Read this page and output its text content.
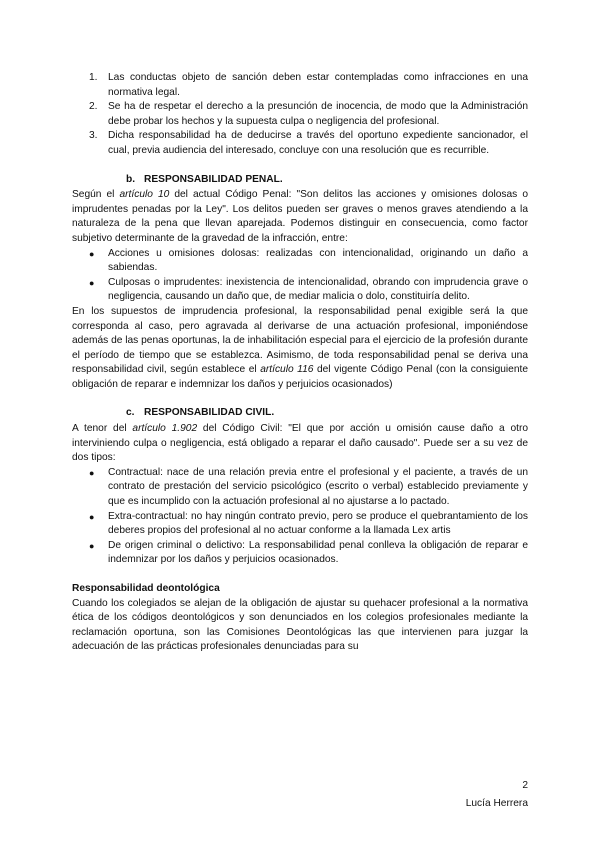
1. Las conductas objeto de sanción deben estar contempladas como infracciones en una normativa legal.
2. Se ha de respetar el derecho a la presunción de inocencia, de modo que la Administración debe probar los hechos y la supuesta culpa o negligencia del profesional.
3. Dicha responsabilidad ha de deducirse a través del oportuno expediente sancionador, el cual, previa audiencia del interesado, concluye con una resolución que es recurrible.
b. RESPONSABILIDAD PENAL.

Según el artículo 10 del actual Código Penal: "Son delitos las acciones y omisiones dolosas o imprudentes penadas por la Ley". Los delitos pueden ser graves o menos graves atendiendo a la naturaleza de la pena que llevan aparejada. Podemos distinguir en consecuencia, como factor subjetivo determinante de la gravedad de la infracción, entre:

● Acciones u omisiones dolosas: realizadas con intencionalidad, originando un daño a sabiendas.
● Culposas o imprudentes: inexistencia de intencionalidad, obrando con imprudencia grave o negligencia, causando un daño que, de mediar malicia o dolo, constituiría delito.

En los supuestos de imprudencia profesional, la responsabilidad penal exigible será la que corresponda al caso, pero agravada al derivarse de una actuación profesional, imponiéndose además de las penas oportunas, la de inhabilitación especial para el ejercicio de la profesión durante el período de tiempo que se establezca. Asimismo, de toda responsabilidad penal se deriva una responsabilidad civil, según establece el artículo 116 del vigente Código Penal (con la consiguiente obligación de reparar e indemnizar los daños y perjuicios ocasionados)

c. RESPONSABILIDAD CIVIL.

A tenor del artículo 1.902 del Código Civil: "El que por acción u omisión cause daño a otro interviniendo culpa o negligencia, está obligado a reparar el daño causado". Puede ser a su vez de dos tipos:

● Contractual: nace de una relación previa entre el profesional y el paciente, a través de un contrato de prestación del servicio psicológico (escrito o verbal) establecido previamente y que es incumplido con la actuación profesional al no ajustarse a lo pactado.
● Extra-contractual: no hay ningún contrato previo, pero se produce el quebrantamiento de los deberes propios del profesional al no actuar conforme a la llamada Lex artis
● De origen criminal o delictivo: La responsabilidad penal conlleva la obligación de reparar e indemnizar por los daños y perjuicios ocasionados.
Responsabilidad deontológica

Cuando los colegiados se alejan de la obligación de ajustar su quehacer profesional a la normativa ética de los códigos deontológicos y son denunciados en los colegios profesionales mediante la reclamación oportuna, son las Comisiones Deontológicas las que intervienen para juzgar la adecuación de las prácticas profesionales denunciadas para su

2
Lucía Herrera
